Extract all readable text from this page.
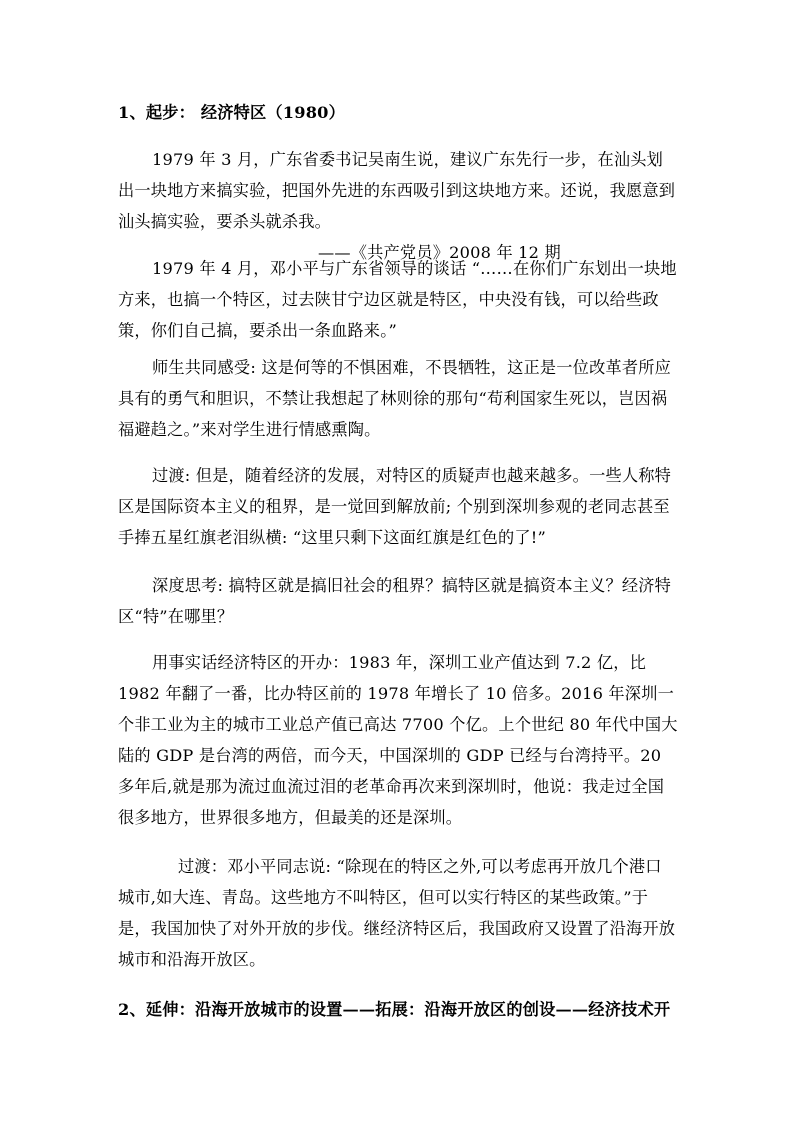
1、起步： 经济特区（1980）

1979 年 3 月，广东省委书记吴南生说，建议广东先行一步，在汕头划出一块地方来搞实验，把国外先进的东西吸引到这块地方来。还说，我愿意到汕头搞实验，要杀头就杀我。——《共产党员》2008 年 12 期

1979 年 4 月，邓小平与广东省领导的谈话 “……在你们广东划出一块地方来，也搞一个特区，过去陕甘宁边区就是特区，中央没有钱，可以给些政策，你们自己搞，要杀出一条血路来。”

师生共同感受: 这是何等的不惧困难，不畏牺牲，这正是一位改革者所应具有的勇气和胆识，不禁让我想起了林则徐的那句“苟利国家生死以，岂因祸福避趋之。”来对学生进行情感熏陶。

过渡: 但是，随着经济的发展，对特区的质疑声也越来越多。一些人称特区是国际资本主义的租界，是一觉回到解放前; 个别到深圳参观的老同志甚至手捧五星红旗老泪纵横: “这里只剩下这面红旗是红色的了!”

深度思考: 搞特区就是搞旧社会的租界？搞特区就是搞资本主义？经济特区“特”在哪里？

用事实话经济特区的开办：1983 年，深圳工业产值达到 7.2 亿，比 1982 年翻了一番，比办特区前的 1978 年增长了 10 倍多。2016 年深圳一个非工业为主的城市工业总产值已高达 7700 个亿。上个世纪 80 年代中国大陆的 GDP 是台湾的两倍，而今天，中国深圳的 GDP 已经与台湾持平。20 多年后,就是那为流过血流过泪的老革命再次来到深圳时，他说：我走过全国很多地方，世界很多地方，但最美的还是深圳。

过渡：邓小平同志说: “除现在的特区之外,可以考虑再开放几个港口城市,如大连、青岛。这些地方不叫特区，但可以实行特区的某些政策。”于是，我国加快了对外开放的步伐。继经济特区后，我国政府又设置了沿海开放城市和沿海开放区。

2、延伸：沿海开放城市的设置——拓展：沿海开放区的创设——经济技术开
